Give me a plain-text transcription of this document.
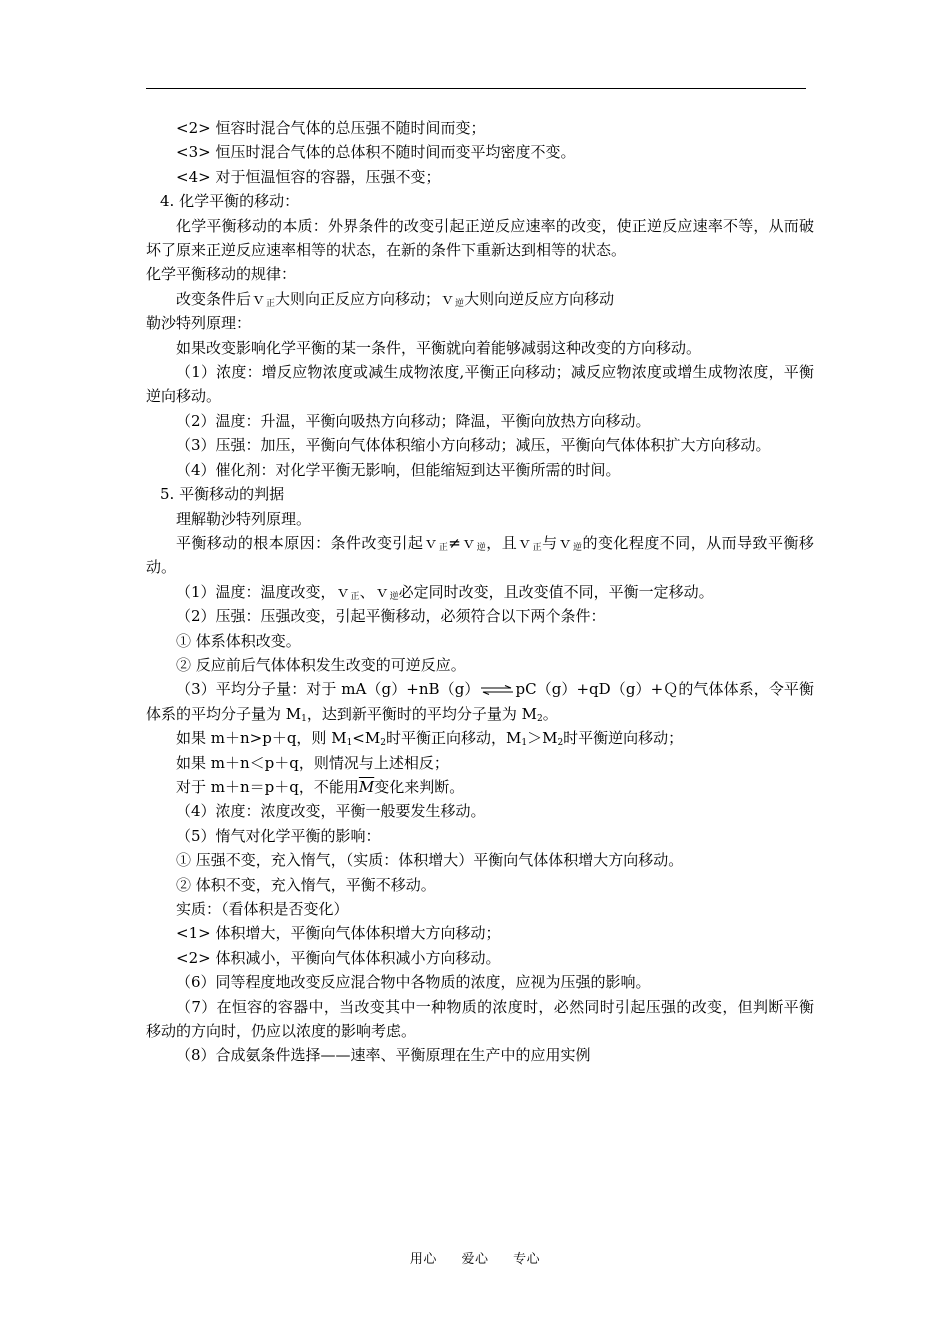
<2> 恒容时混合气体的总压强不随时间而变；

<3> 恒压时混合气体的总体积不随时间而变平均密度不变。

<4> 对于恒温恒容的容器，压强不变；

4. 化学平衡的移动：

化学平衡移动的本质：外界条件的改变引起正逆反应速率的改变，使正逆反应速率不等，从而破坏了原来正逆反应速率相等的状态，在新的条件下重新达到相等的状态。

化学平衡移动的规律：

改变条件后ｖ$_正$大则向正反应方向移动；ｖ$_逆$大则向逆反应方向移动

勒沙特列原理：

如果改变影响化学平衡的某一条件，平衡就向着能够减弱这种改变的方向移动。

（1）浓度：增反应物浓度或减生成物浓度,平衡正向移动；减反应物浓度或增生成物浓度，平衡逆向移动。

（2）温度：升温，平衡向吸热方向移动；降温，平衡向放热方向移动。

（3）压强：加压，平衡向气体体积缩小方向移动；减压，平衡向气体体积扩大方向移动。

（4）催化剂：对化学平衡无影响，但能缩短到达平衡所需的时间。

5. 平衡移动的判据

理解勒沙特列原理。

平衡移动的根本原因：条件改变引起ｖ$_正$≠ｖ$_逆$，且ｖ$_正$与ｖ$_逆$的变化程度不同，从而导致平衡移动。

（1）温度：温度改变，ｖ$_正$、ｖ$_逆$必定同时改变，且改变值不同，平衡一定移动。

（2）压强：压强改变，引起平衡移动，必须符合以下两个条件：

① 体系体积改变。

② 反应前后气体体积发生改变的可逆反应。

（3）平均分子量：对于 mA（g）+nB（g）⇌pC（g）+qD（g）+Ｑ的气体体系，令平衡体系的平均分子量为 $M_1$，达到新平衡时的平均分子量为 $M_2$。

如果 m＋n>p＋q，则 $M_1<M_2$时平衡正向移动，$M_1>M_2$时平衡逆向移动；

如果 m＋n＜p＋q，则情况与上述相反；

对于 m＋n＝p＋q，不能用$\overline{M}$变化来判断。

（4）浓度：浓度改变，平衡一般要发生移动。

（5）惰气对化学平衡的影响：

① 压强不变，充入惰气，（实质：体积增大）平衡向气体体积增大方向移动。

② 体积不变，充入惰气，平衡不移动。

实质：（看体积是否变化）

<1> 体积增大，平衡向气体体积增大方向移动；

<2> 体积减小，平衡向气体体积减小方向移动。

（6）同等程度地改变反应混合物中各物质的浓度，应视为压强的影响。

（7）在恒容的容器中，当改变其中一种物质的浓度时，必然同时引起压强的改变，但判断平衡移动的方向时，仍应以浓度的影响考虑。

（8）合成氨条件选择——速率、平衡原理在生产中的应用实例

用心 爱心 专心
